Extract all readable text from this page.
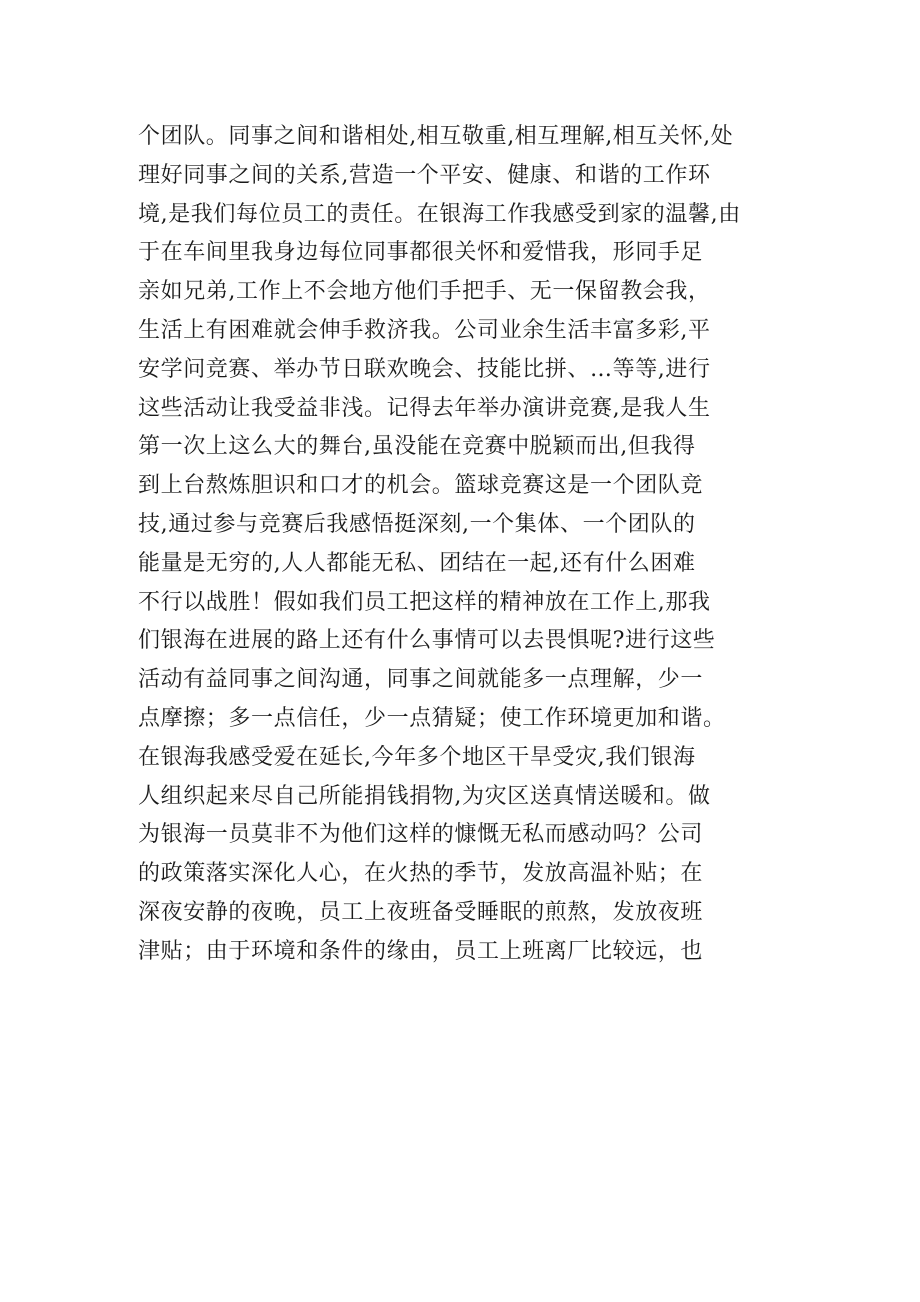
个团队。同事之间和谐相处,相互敬重,相互理解,相互关怀,处
理好同事之间的关系,营造一个平安、健康、和谐的工作环
境,是我们每位员工的责任。在银海工作我感受到家的温馨,由
于在车间里我身边每位同事都很关怀和爱惜我，形同手足
亲如兄弟,工作上不会地方他们手把手、无一保留教会我，
生活上有困难就会伸手救济我。公司业余生活丰富多彩,平
安学问竞赛、举办节日联欢晚会、技能比拼、…等等,进行
这些活动让我受益非浅。记得去年举办演讲竞赛,是我人生
第一次上这么大的舞台,虽没能在竞赛中脱颖而出,但我得
到上台熬炼胆识和口才的机会。篮球竞赛这是一个团队竞
技,通过参与竞赛后我感悟挺深刻,一个集体、一个团队的
能量是无穷的,人人都能无私、团结在一起,还有什么困难
不行以战胜！假如我们员工把这样的精神放在工作上,那我
们银海在进展的路上还有什么事情可以去畏惧呢?进行这些
活动有益同事之间沟通，同事之间就能多一点理解，少一
点摩擦；多一点信任，少一点猜疑；使工作环境更加和谐。
在银海我感受爱在延长,今年多个地区干旱受灾,我们银海
人组织起来尽自己所能捐钱捐物,为灾区送真情送暖和。做
为银海一员莫非不为他们这样的慷慨无私而感动吗？公司
的政策落实深化人心，在火热的季节，发放高温补贴；在
深夜安静的夜晚，员工上夜班备受睡眠的煎熬，发放夜班
津贴；由于环境和条件的缘由，员工上班离厂比较远，也
